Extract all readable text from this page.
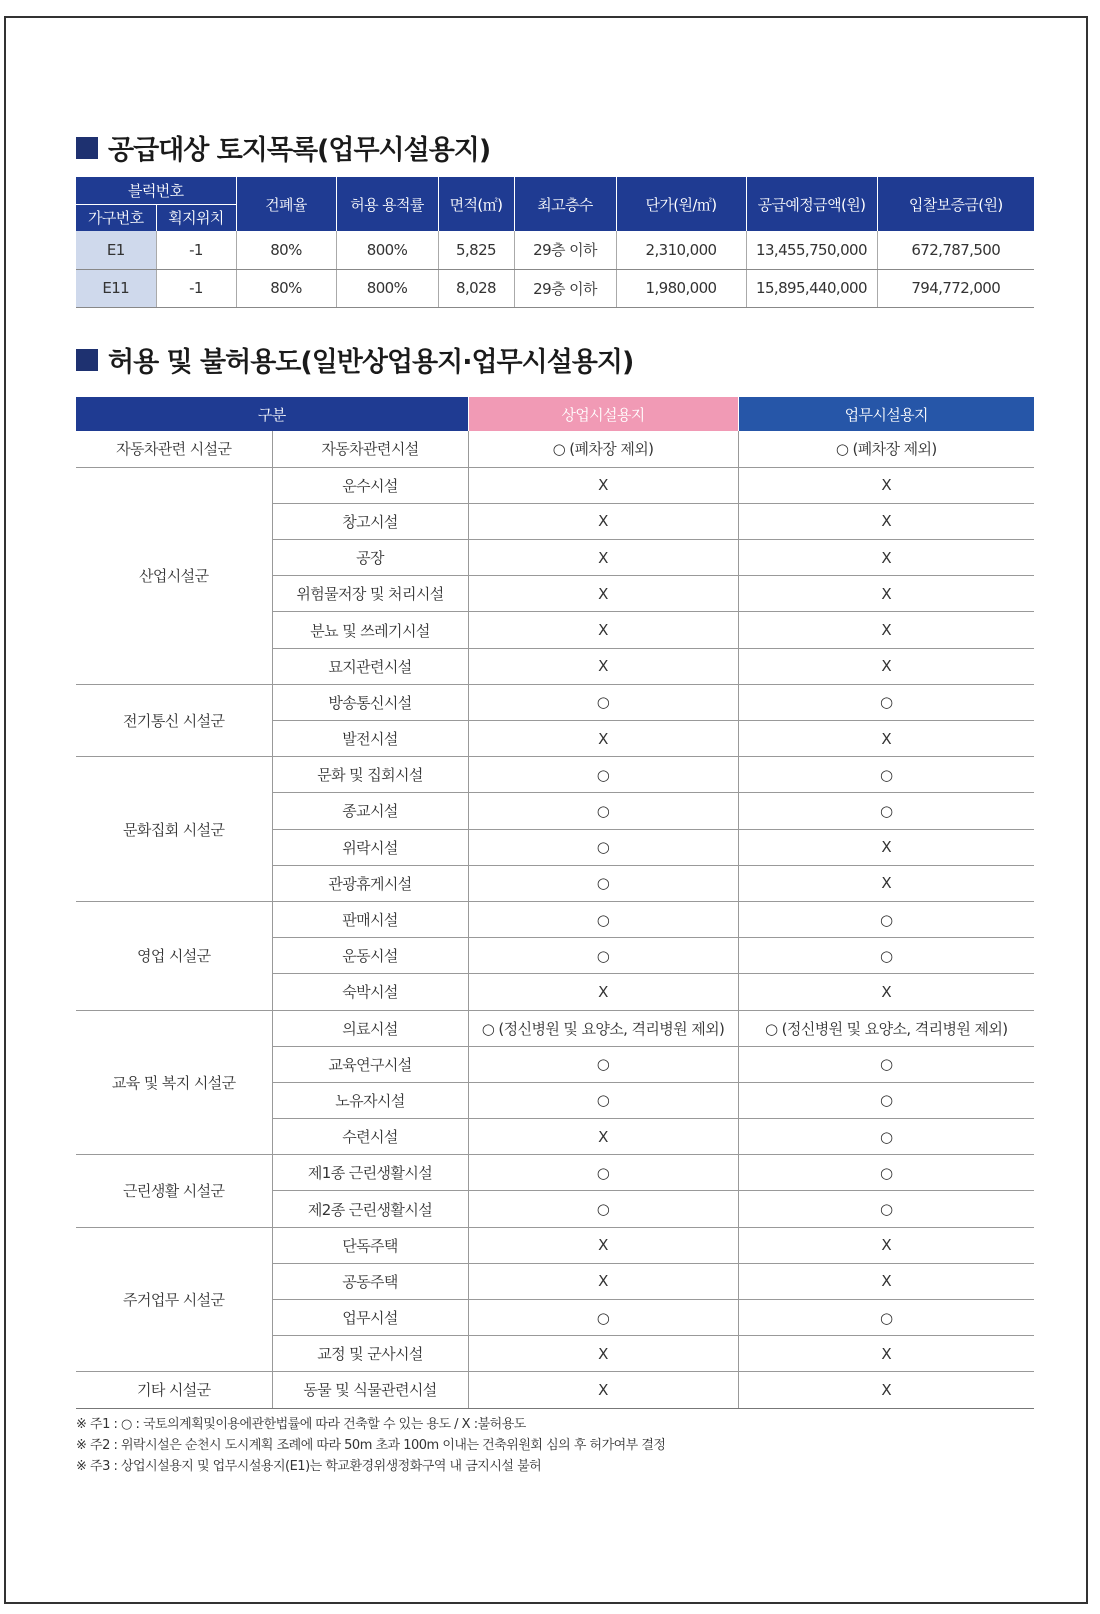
공급대상 토지목록(업무시설용지)
블럭번호		건폐율	허용 용적률	면적(㎡)	최고층수	단가(원/㎡)	공급예정금액(원)	입찰보증금(원)
가구번호	획지위치							
E1	-1	80%	800%	5,825	29층 이하	2,310,000	13,455,750,000	672,787,500
E11	-1	80%	800%	8,028	29층 이하	1,980,000	15,895,440,000	794,772,000
허용 및 불허용도(일반상업용지·업무시설용지)
구분		상업시설용지	업무시설용지
자동차관련 시설군	자동차관련시설	○ (폐차장 제외)	○ (폐차장 제외)
산업시설군	운수시설	X	X
	창고시설	X	X
	공장	X	X
	위험물저장 및 처리시설	X	X
	분뇨 및 쓰레기시설	X	X
	묘지관련시설	X	X
전기통신 시설군	방송통신시설	○	○
	발전시설	X	X
문화집회 시설군	문화 및 집회시설	○	○
	종교시설	○	○
	위락시설	○	X
	관광휴게시설	○	X
영업 시설군	판매시설	○	○
	운동시설	○	○
	숙박시설	X	X
교육 및 복지 시설군	의료시설	○ (정신병원 및 요양소, 격리병원 제외)	○ (정신병원 및 요양소, 격리병원 제외)
	교육연구시설	○	○
	노유자시설	○	○
	수련시설	X	○
근린생활 시설군	제1종 근린생활시설	○	○
	제2종 근린생활시설	○	○
주거업무 시설군	단독주택	X	X
	공동주택	X	X
	업무시설	○	○
	교정 및 군사시설	X	X
기타 시설군	동물 및 식물관련시설	X	X
※ 주1 : ○ : 국토의계획및이용에관한법률에 따라 건축할 수 있는 용도 / X :불허용도
※ 주2 : 위락시설은 순천시 도시계획 조례에 따라 50m 초과 100m 이내는 건축위원회 심의 후 허가여부 결정
※ 주3 : 상업시설용지 및 업무시설용지(E1)는 학교환경위생정화구역 내 금지시설 불허
